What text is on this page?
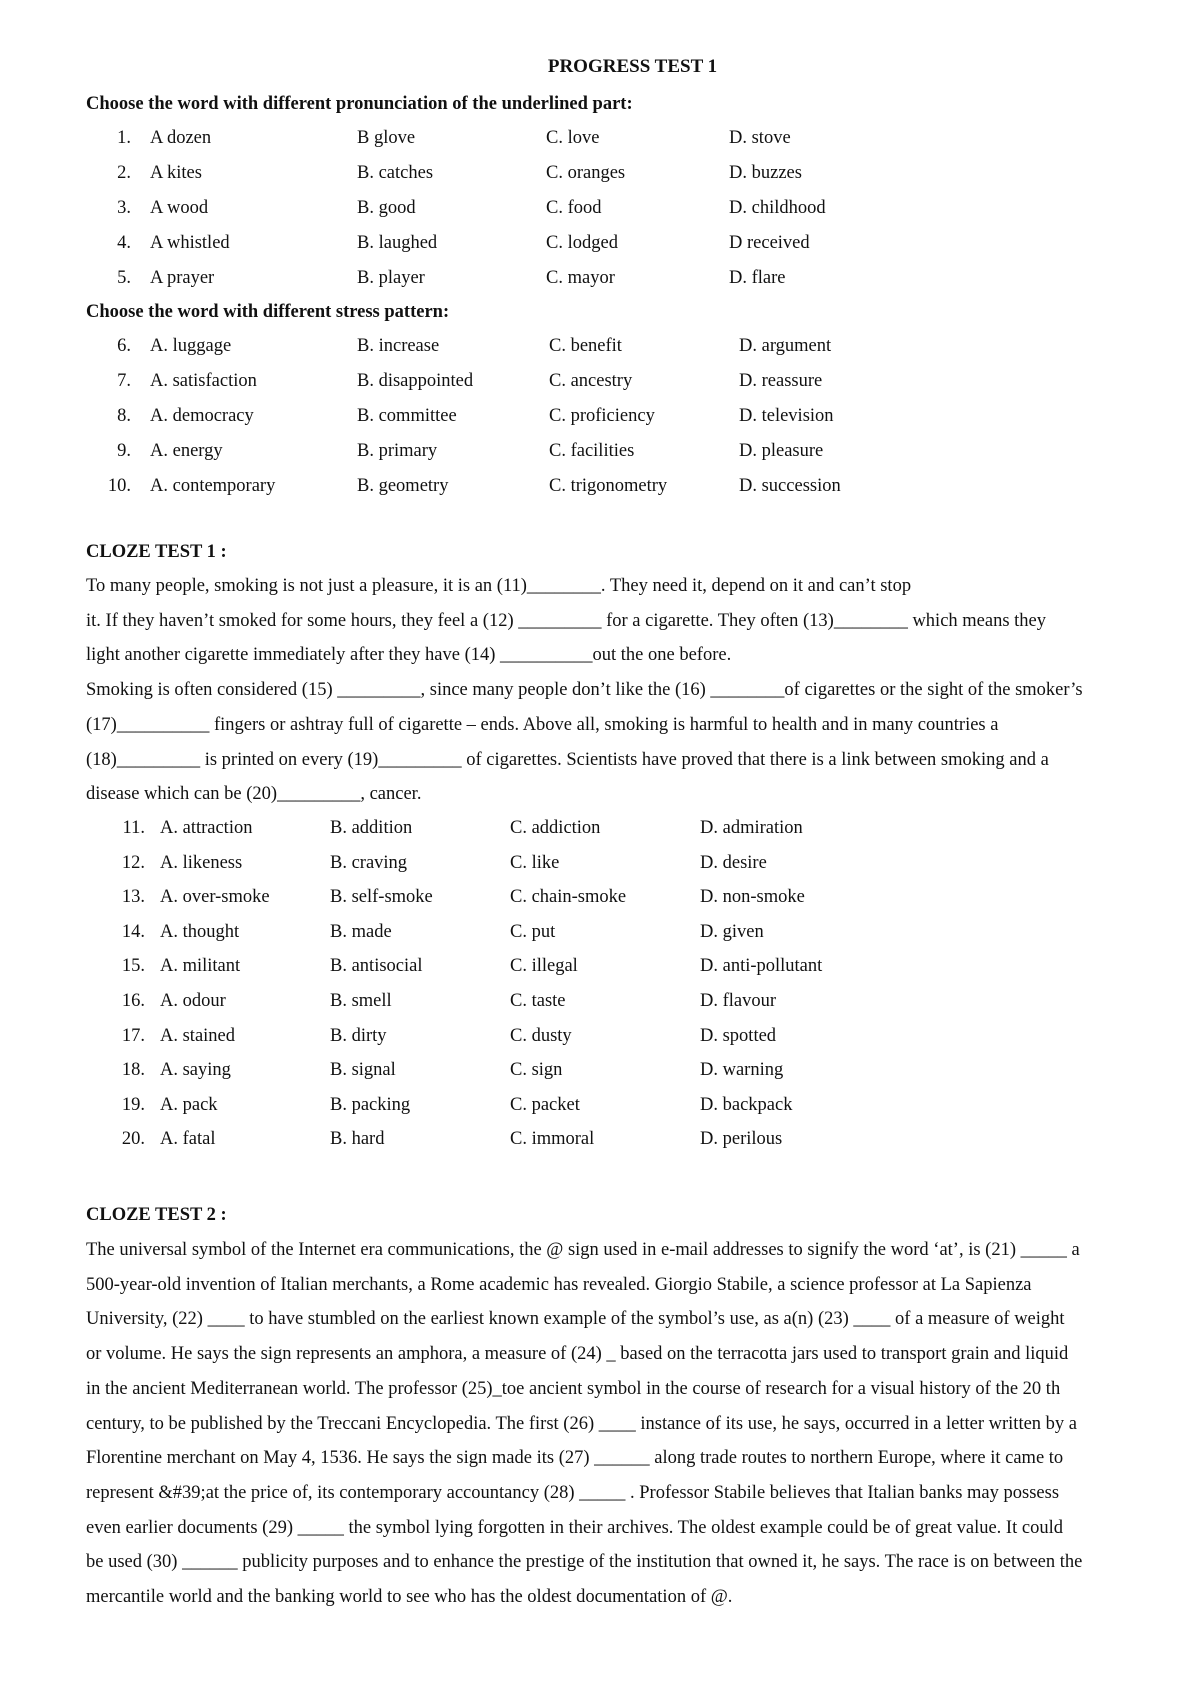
PROGRESS TEST 1
Choose the word with different pronunciation of the underlined part:
1. A dozen	B glove	C. love	D. stove
2. A kites	B. catches	C. oranges	D. buzzes
3. A wood	B. good	C. food	D. childhood
4. A whistled	B. laughed	C. lodged	D received
5. A prayer	B. player	C. mayor	D. flare
Choose the word with different stress pattern:
6. A. luggage	B. increase	C. benefit	D. argument
7. A. satisfaction	B. disappointed	C. ancestry	D. reassure
8. A. democracy	B. committee	C. proficiency	D. television
9. A. energy	B. primary	C. facilities	D. pleasure
10. A. contemporary	B. geometry	C. trigonometry	D. succession
CLOZE TEST 1 :
To many people, smoking is not just a pleasure, it is an (11)________. They need it, depend on it and can’t stop
it. If they haven’t smoked for some hours, they feel a (12) _________ for a cigarette. They often (13)________ which means they
light another cigarette immediately after they have (14) __________out the one before.
Smoking is often considered (15) _________, since many people don’t like the (16) ________of cigarettes or the sight of the smoker’s
(17)__________ fingers or ashtray full of cigarette – ends. Above all, smoking is harmful to health and in many countries a
(18)_________ is printed on every (19)_________ of cigarettes. Scientists have proved that there is a link between smoking and a
disease which can be (20)_________, cancer.
11. A. attraction	B. addition	C. addiction	D. admiration
12. A. likeness	B. craving	C. like	D. desire
13. A. over-smoke	B. self-smoke	C. chain-smoke	D. non-smoke
14. A. thought	B. made	C. put	D. given
15. A. militant	B. antisocial	C. illegal	D. anti-pollutant
16. A. odour	B. smell	C. taste	D. flavour
17. A. stained	B. dirty	C. dusty	D. spotted
18. A. saying	B. signal	C. sign	D. warning
19. A. pack	B. packing	C. packet	D. backpack
20. A. fatal	B. hard	C. immoral	D. perilous
CLOZE TEST 2 :
The universal symbol of the Internet era communications, the @ sign used in e-mail addresses to signify the word ‘at’, is (21) _____ a
500-year-old invention of Italian merchants, a Rome academic has revealed. Giorgio Stabile, a science professor at La Sapienza
University, (22) ____ to have stumbled on the earliest known example of the symbol’s use, as a(n) (23) ____ of a measure of weight
or volume. He says the sign represents an amphora, a measure of (24) _ based on the terracotta jars used to transport grain and liquid
in the ancient Mediterranean world. The professor (25)_toe ancient symbol in the course of research for a visual history of the 20 th
century, to be published by the Treccani Encyclopedia. The first (26) ____ instance of its use, he says, occurred in a letter written by a
Florentine merchant on May 4, 1536. He says the sign made its (27) ______ along trade routes to northern Europe, where it came to
represent &#39;at the price of, its contemporary accountancy (28) _____ . Professor Stabile believes that Italian banks may possess
even earlier documents (29) _____ the symbol lying forgotten in their archives. The oldest example could be of great value. It could
be used (30) ______ publicity purposes and to enhance the prestige of the institution that owned it, he says. The race is on between the
mercantile world and the banking world to see who has the oldest documentation of @.
